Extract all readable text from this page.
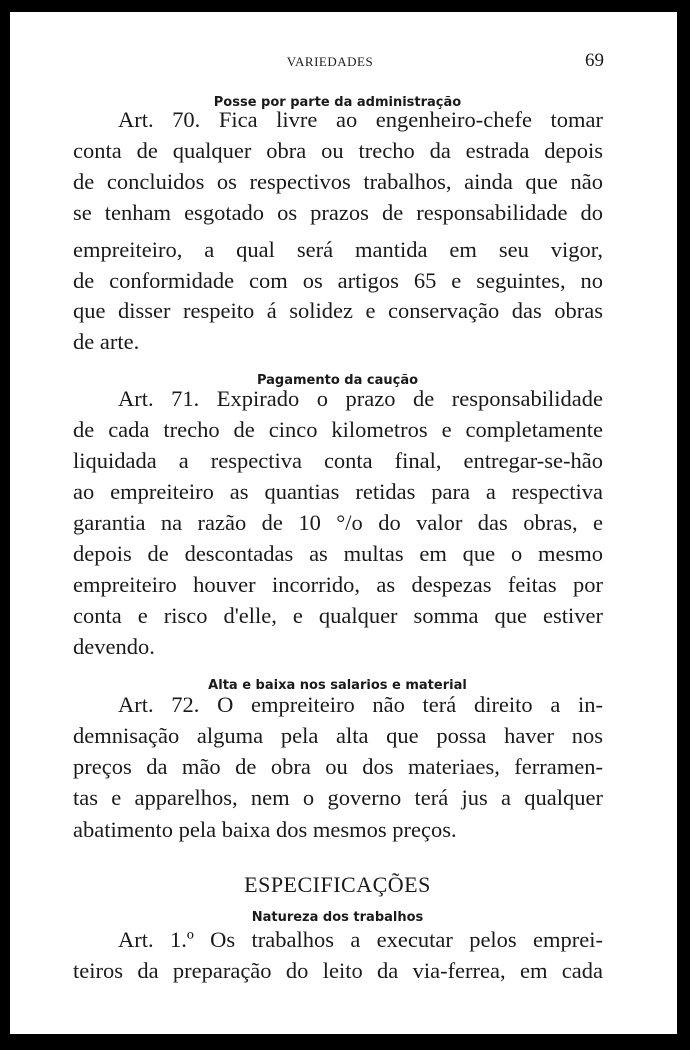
VARIEDADES	69
Posse por parte da administração
Art. 70. Fica livre ao engenheiro-chefe tomar
conta de qualquer obra ou trecho da estrada depois
de concluidos os respectivos trabalhos, ainda que não
se tenham esgotado os prazos de responsabilidade do
empreiteiro, a qual será mantida em seu vigor,
de conformidade com os artigos 65 e seguintes, no
que disser respeito á solidez e conservação das obras
de arte.
Pagamento da caução
Art. 71. Expirado o prazo de responsabilidade
de cada trecho de cinco kilometros e completamente
liquidada a respectiva conta final, entregar-se-hão
ao empreiteiro as quantias retidas para a respectiva
garantia na razão de 10 °/o do valor das obras, e
depois de descontadas as multas em que o mesmo
empreiteiro houver incorrido, as despezas feitas por
conta e risco d'elle, e qualquer somma que estiver
devendo.
Alta e baixa nos salarios e material
Art. 72. O empreiteiro não terá direito a in-
demnisação alguma pela alta que possa haver nos
preços da mão de obra ou dos materiaes, ferramen-
tas e apparelhos, nem o governo terá jus a qualquer
abatimento pela baixa dos mesmos preços.
ESPECIFICAÇÕES
Natureza dos trabalhos
Art. 1.º Os trabalhos a executar pelos emprei-
teiros da preparação do leito da via-ferrea, em cada
